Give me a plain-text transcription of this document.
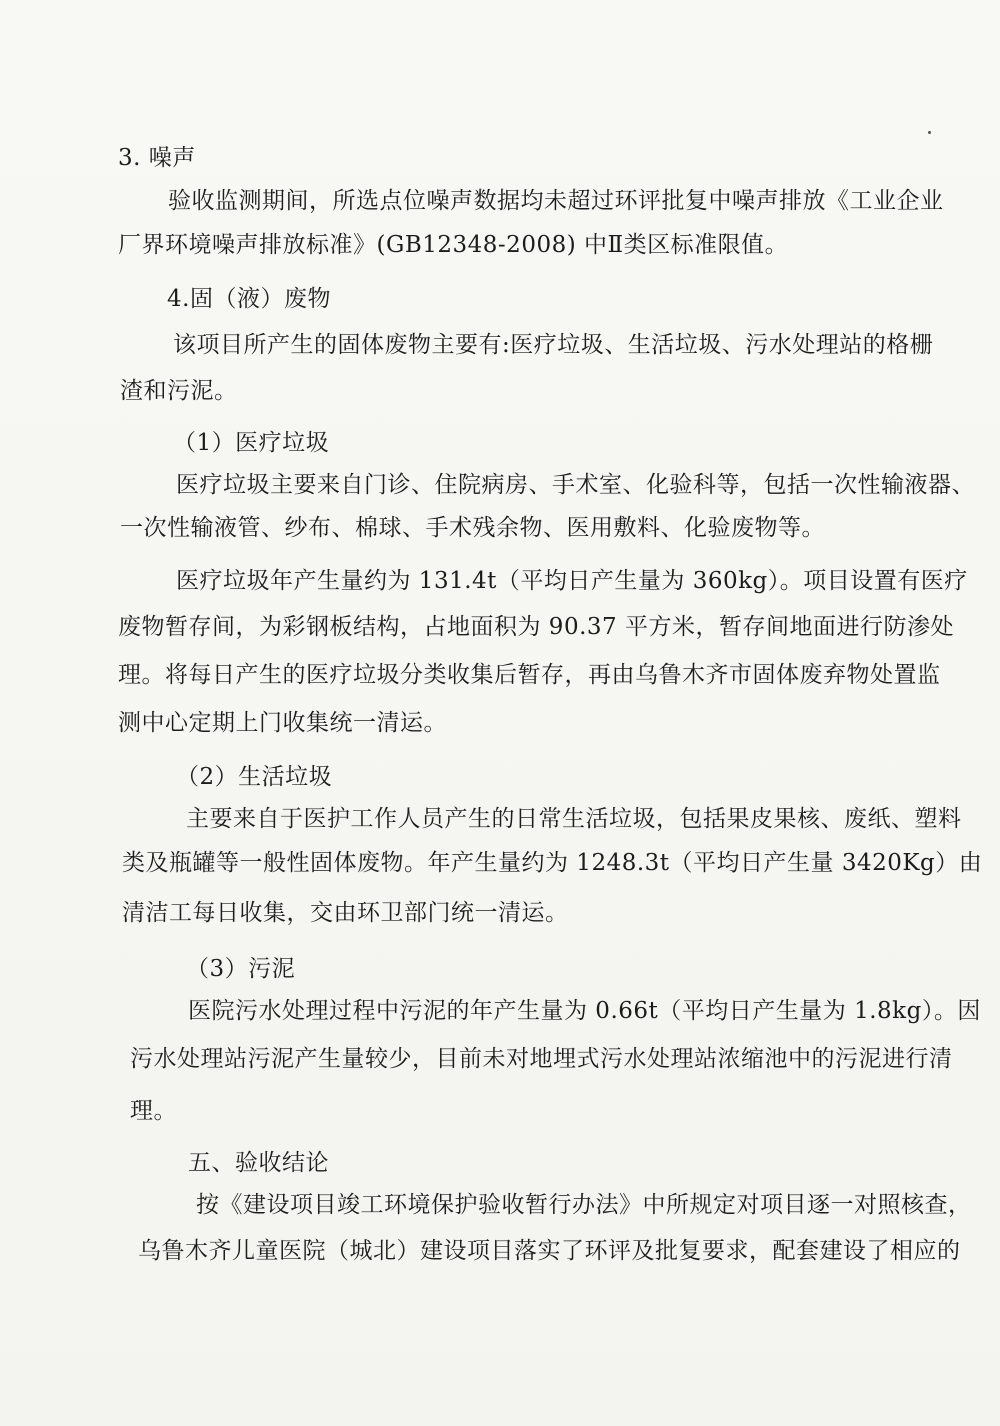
3. 噪声
验收监测期间，所选点位噪声数据均未超过环评批复中噪声排放《工业企业
厂界环境噪声排放标准》(GB12348-2008) 中Ⅱ类区标准限值。
4.固（液）废物
该项目所产生的固体废物主要有:医疗垃圾、生活垃圾、污水处理站的格栅
渣和污泥。
（1）医疗垃圾
医疗垃圾主要来自门诊、住院病房、手术室、化验科等，包括一次性输液器、
一次性输液管、纱布、棉球、手术残余物、医用敷料、化验废物等。
医疗垃圾年产生量约为 131.4t（平均日产生量为 360kg）。项目设置有医疗
废物暂存间，为彩钢板结构，占地面积为 90.37 平方米，暂存间地面进行防渗处
理。将每日产生的医疗垃圾分类收集后暂存，再由乌鲁木齐市固体废弃物处置监
测中心定期上门收集统一清运。
（2）生活垃圾
主要来自于医护工作人员产生的日常生活垃圾，包括果皮果核、废纸、塑料
类及瓶罐等一般性固体废物。年产生量约为 1248.3t（平均日产生量 3420Kg）由
清洁工每日收集，交由环卫部门统一清运。
（3）污泥
医院污水处理过程中污泥的年产生量为 0.66t（平均日产生量为 1.8kg）。因
污水处理站污泥产生量较少，目前未对地埋式污水处理站浓缩池中的污泥进行清
理。
五、验收结论
按《建设项目竣工环境保护验收暂行办法》中所规定对项目逐一对照核查，
乌鲁木齐儿童医院（城北）建设项目落实了环评及批复要求，配套建设了相应的
